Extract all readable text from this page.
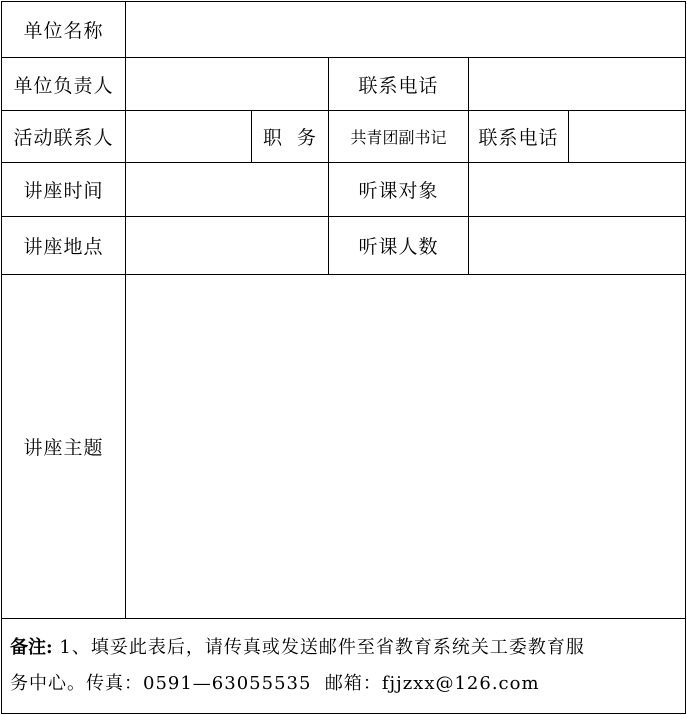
单位名称
单位负责人	联系电话
活动联系人	职  务	共青团副书记	联系电话
讲座时间	听课对象
讲座地点	听课人数
讲座主题
备注: 1、填妥此表后，请传真或发送邮件至省教育系统关工委教育服
务中心。传真：0591—63055535  邮箱：fjjzxx@126.com
